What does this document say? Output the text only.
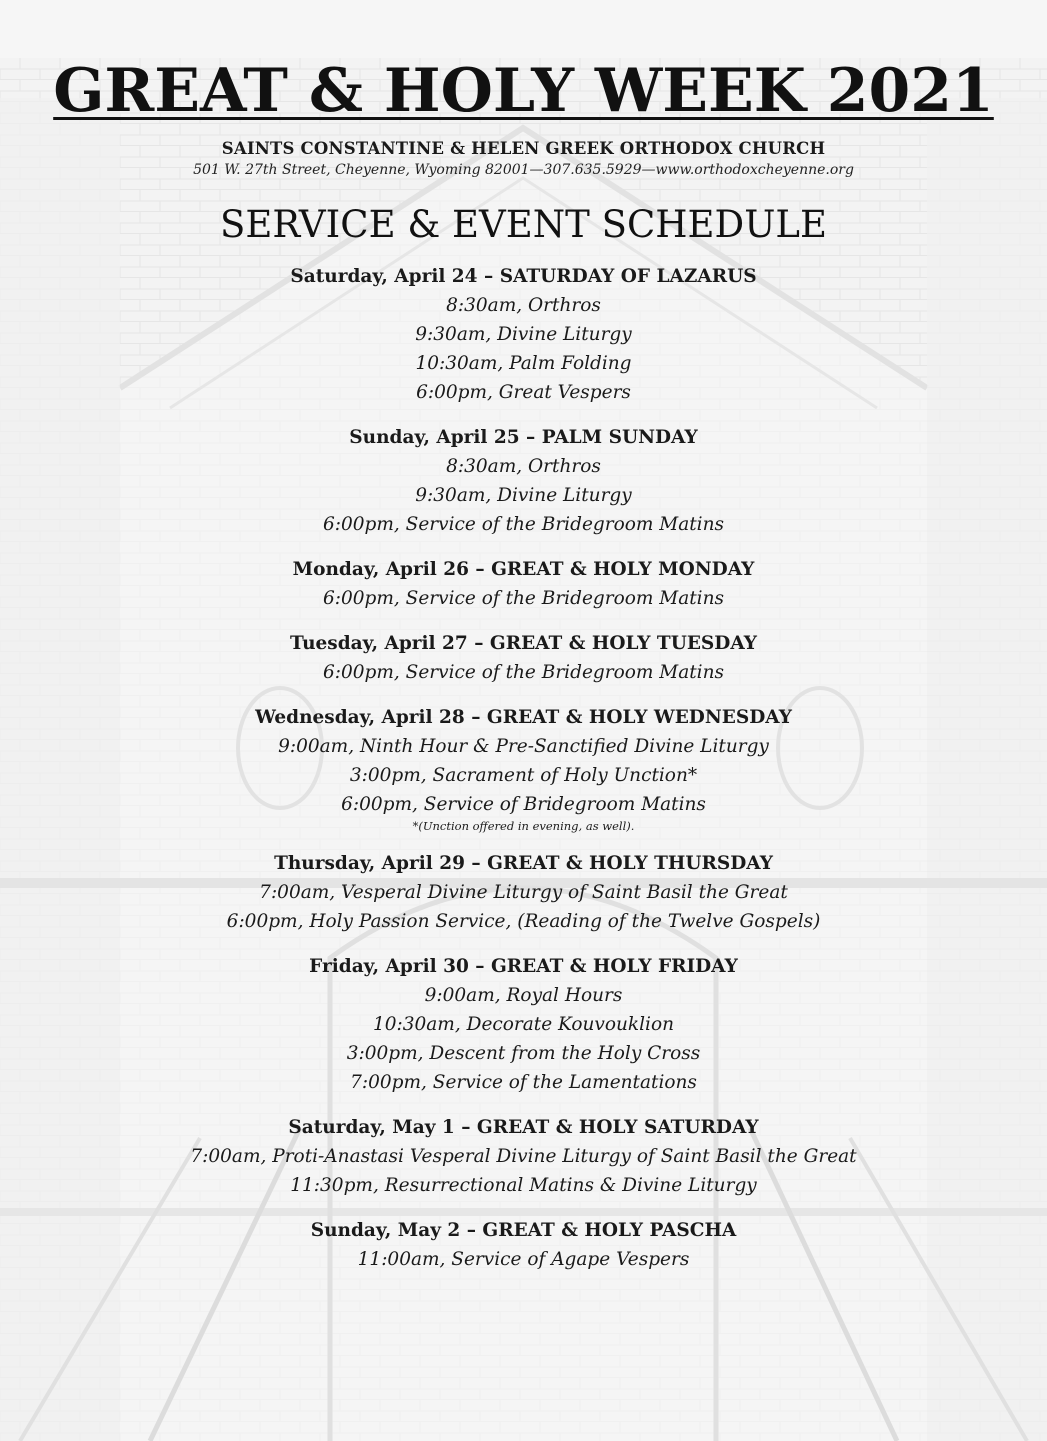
GREAT & HOLY WEEK 2021
SAINTS CONSTANTINE & HELEN GREEK ORTHODOX CHURCH
501 W. 27th Street, Cheyenne, Wyoming 82001—307.635.5929—www.orthodoxcheyenne.org
SERVICE & EVENT SCHEDULE
Saturday, April 24 – SATURDAY OF LAZARUS
8:30am, Orthros
9:30am, Divine Liturgy
10:30am, Palm Folding
6:00pm, Great Vespers
Sunday, April 25 – PALM SUNDAY
8:30am, Orthros
9:30am, Divine Liturgy
6:00pm, Service of the Bridegroom Matins
Monday, April 26 – GREAT & HOLY MONDAY
6:00pm, Service of the Bridegroom Matins
Tuesday, April 27 – GREAT & HOLY TUESDAY
6:00pm, Service of the Bridegroom Matins
Wednesday, April 28 – GREAT & HOLY WEDNESDAY
9:00am, Ninth Hour & Pre-Sanctified Divine Liturgy
3:00pm, Sacrament of Holy Unction*
6:00pm, Service of Bridegroom Matins
*(Unction offered in evening, as well).
Thursday, April 29 – GREAT & HOLY THURSDAY
7:00am, Vesperal Divine Liturgy of Saint Basil the Great
6:00pm, Holy Passion Service, (Reading of the Twelve Gospels)
Friday, April 30 – GREAT & HOLY FRIDAY
9:00am, Royal Hours
10:30am, Decorate Kouvouklion
3:00pm, Descent from the Holy Cross
7:00pm, Service of the Lamentations
Saturday, May 1 – GREAT & HOLY SATURDAY
7:00am, Proti-Anastasi Vesperal Divine Liturgy of Saint Basil the Great
11:30pm, Resurrectional Matins & Divine Liturgy
Sunday, May 2 – GREAT & HOLY PASCHA
11:00am, Service of Agape Vespers
